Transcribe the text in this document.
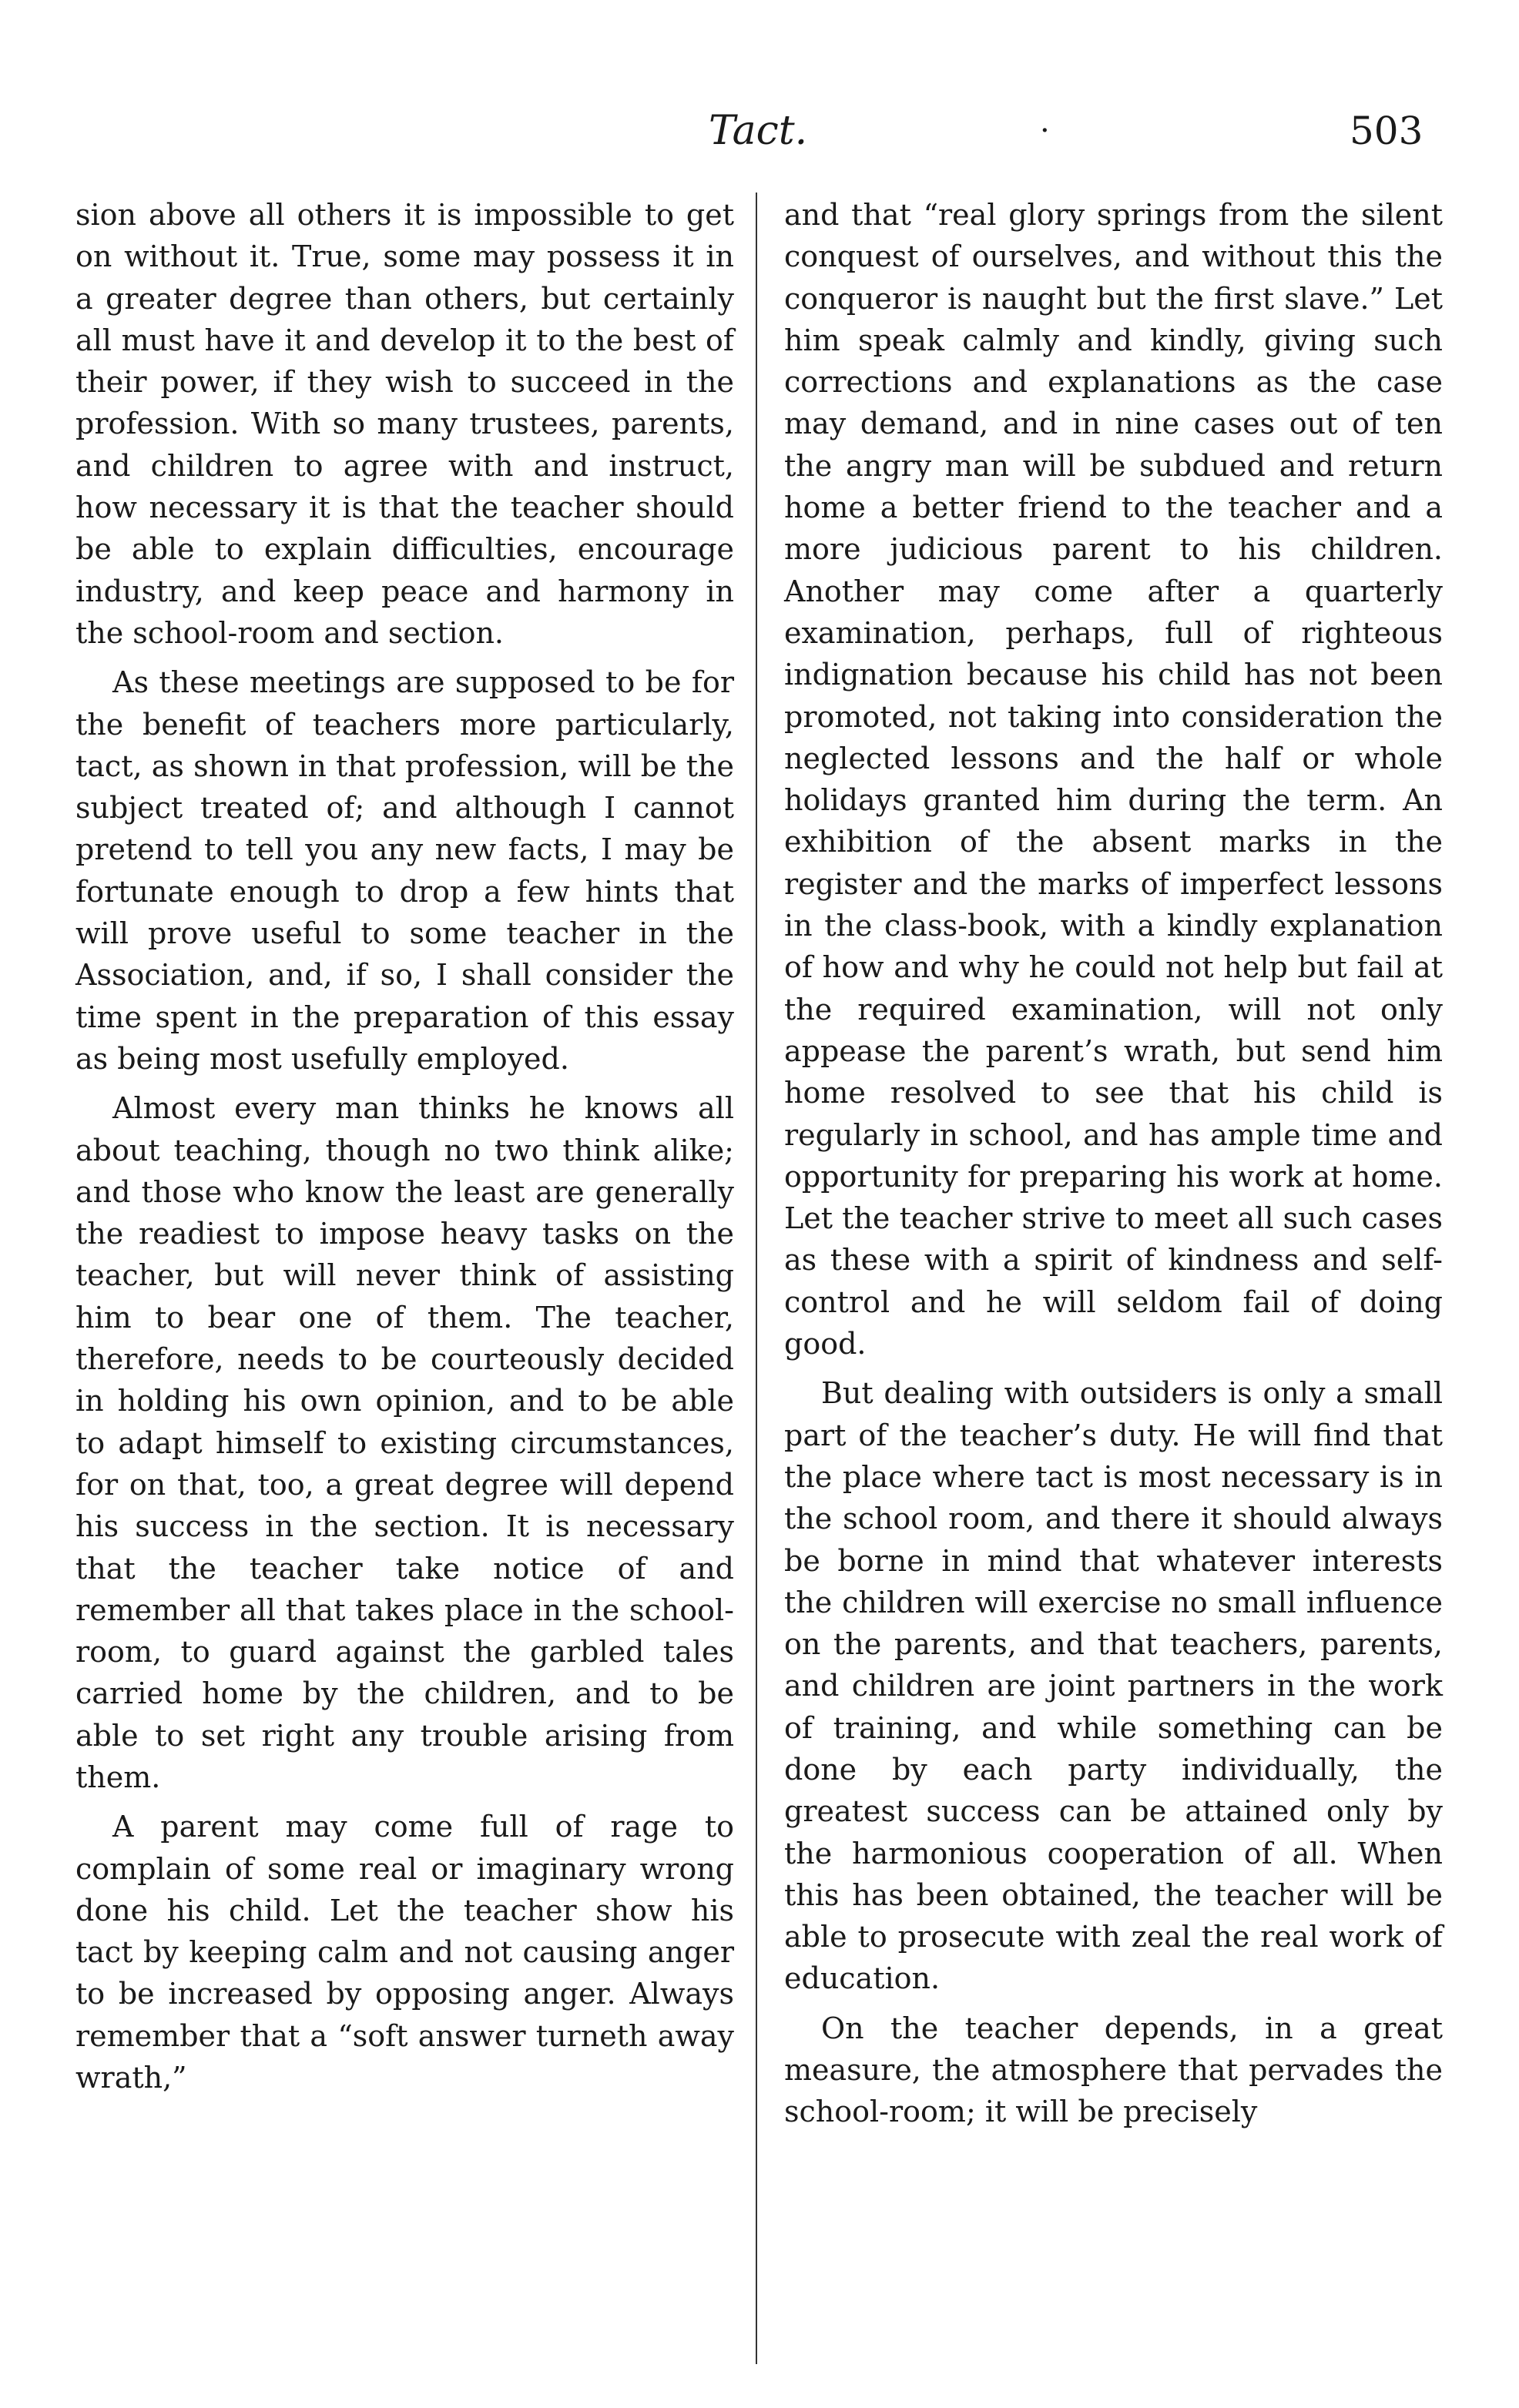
Tact.	·	503

sion above all others it is impossible to get on without it. True, some may possess it in a greater degree than others, but certainly all must have it and develop it to the best of their power, if they wish to succeed in the profession. With so many trustees, parents, and children to agree with and instruct, how necessary it is that the teacher should be able to explain difficulties, encourage industry, and keep peace and harmony in the school-room and section.

As these meetings are supposed to be for the benefit of teachers more particularly, tact, as shown in that profession, will be the subject treated of; and although I cannot pretend to tell you any new facts, I may be fortunate enough to drop a few hints that will prove useful to some teacher in the Association, and, if so, I shall consider the time spent in the preparation of this essay as being most usefully employed.

Almost every man thinks he knows all about teaching, though no two think alike; and those who know the least are generally the readiest to impose heavy tasks on the teacher, but will never think of assisting him to bear one of them. The teacher, therefore, needs to be courteously decided in holding his own opinion, and to be able to adapt himself to existing circumstances, for on that, too, a great degree will depend his success in the section. It is necessary that the teacher take notice of and remember all that takes place in the school-room, to guard against the garbled tales carried home by the children, and to be able to set right any trouble arising from them.

A parent may come full of rage to complain of some real or imaginary wrong done his child. Let the teacher show his tact by keeping calm and not causing anger to be increased by opposing anger. Always remember that a “soft answer turneth away wrath,”

and that “real glory springs from the silent conquest of ourselves, and without this the conqueror is naught but the first slave.” Let him speak calmly and kindly, giving such corrections and explanations as the case may demand, and in nine cases out of ten the angry man will be subdued and return home a better friend to the teacher and a more judicious parent to his children. Another may come after a quarterly examination, perhaps, full of righteous indignation because his child has not been promoted, not taking into consideration the neglected lessons and the half or whole holidays granted him during the term. An exhibition of the absent marks in the register and the marks of imperfect lessons in the class-book, with a kindly explanation of how and why he could not help but fail at the required examination, will not only appease the parent’s wrath, but send him home resolved to see that his child is regularly in school, and has ample time and opportunity for preparing his work at home. Let the teacher strive to meet all such cases as these with a spirit of kindness and self-control and he will seldom fail of doing good.

But dealing with outsiders is only a small part of the teacher’s duty. He will find that the place where tact is most necessary is in the school room, and there it should always be borne in mind that whatever interests the children will exercise no small influence on the parents, and that teachers, parents, and children are joint partners in the work of training, and while something can be done by each party individually, the greatest success can be attained only by the harmonious cooperation of all. When this has been obtained, the teacher will be able to prosecute with zeal the real work of education.

On the teacher depends, in a great measure, the atmosphere that pervades the school-room; it will be precisely
